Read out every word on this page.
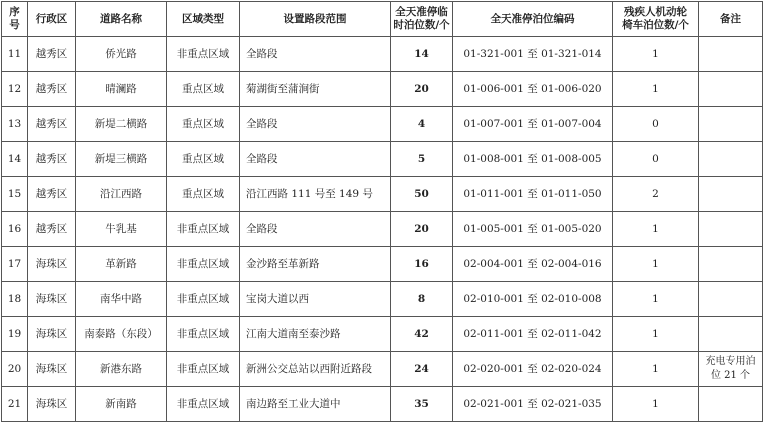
序
号	行政区	道路名称	区域类型	设置路段范围	全天准停临
时泊位数/个	全天准停泊位编码	残疾人机动轮
椅车泊位数/个	备注
11	越秀区	侨光路	非重点区域	全路段	14	01-321-001 至 01-321-014	1	
12	越秀区	晴澜路	重点区域	菊湖街至蒲涧街	20	01-006-001 至 01-006-020	1	
13	越秀区	新堤二横路	重点区域	全路段	4	01-007-001 至 01-007-004	0	
14	越秀区	新堤三横路	重点区域	全路段	5	01-008-001 至 01-008-005	0	
15	越秀区	沿江西路	重点区域	沿江西路 111 号至 149 号	50	01-011-001 至 01-011-050	2	
16	越秀区	牛乳基	非重点区域	全路段	20	01-005-001 至 01-005-020	1	
17	海珠区	革新路	非重点区域	金沙路至革新路	16	02-004-001 至 02-004-016	1	
18	海珠区	南华中路	非重点区域	宝岗大道以西	8	02-010-001 至 02-010-008	1	
19	海珠区	南泰路（东段）	非重点区域	江南大道南至泰沙路	42	02-011-001 至 02-011-042	1	
20	海珠区	新港东路	非重点区域	新洲公交总站以西附近路段	24	02-020-001 至 02-020-024	1	充电专用泊
位 21 个
21	海珠区	新南路	非重点区域	南边路至工业大道中	35	02-021-001 至 02-021-035	1	
